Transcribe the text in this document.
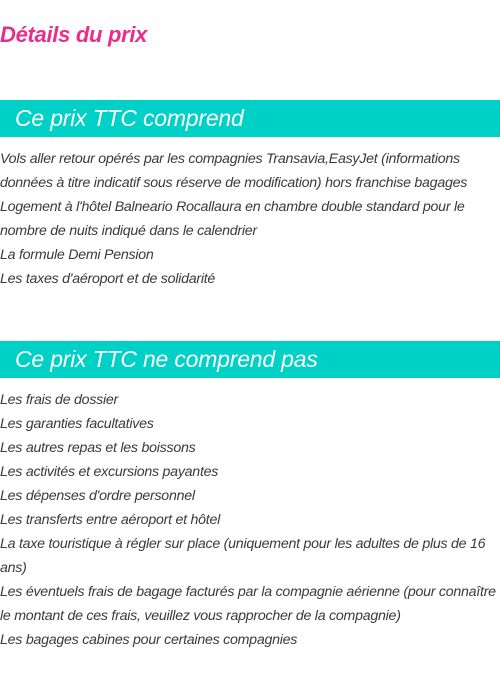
Détails du prix
Ce prix TTC comprend
Vols aller retour opérés par les compagnies Transavia,EasyJet (informations données à titre indicatif sous réserve de modification) hors franchise bagages
Logement à l'hôtel Balneario Rocallaura en chambre double standard pour le nombre de nuits indiqué dans le calendrier
La formule Demi Pension
Les taxes d'aéroport et de solidarité
Ce prix TTC ne comprend pas
Les frais de dossier
Les garanties facultatives
Les autres repas et les boissons
Les activités et excursions payantes
Les dépenses d'ordre personnel
Les transferts entre aéroport et hôtel
La taxe touristique à régler sur place (uniquement pour les adultes de plus de 16 ans)
Les éventuels frais de bagage facturés par la compagnie aérienne (pour connaître le montant de ces frais, veuillez vous rapprocher de la compagnie)
Les bagages cabines pour certaines compagnies
